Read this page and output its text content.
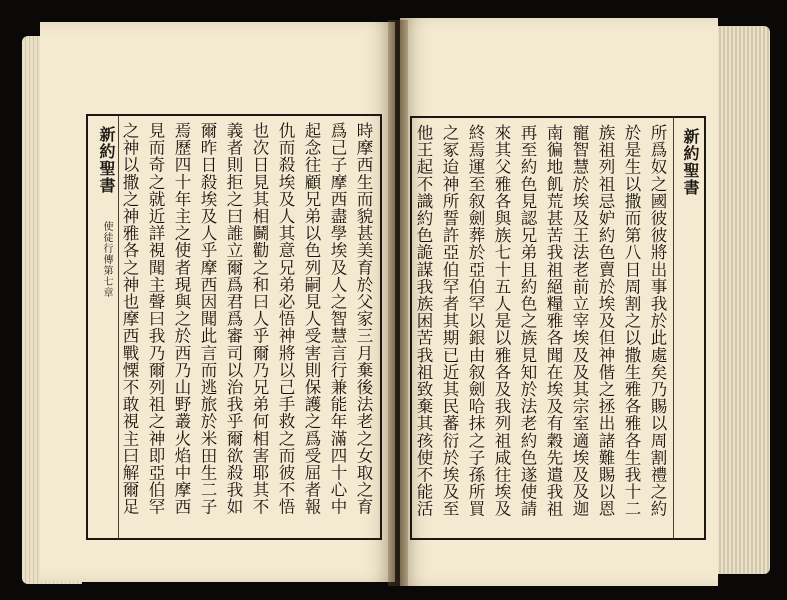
新約聖書 使徒行傳第七章	時摩西生而貌甚美育於父家三月棄後法老之女取之育
爲己子摩西盡學埃及人之智慧言行兼能年滿四十心中
起念往顧兄弟以色列嗣見人受害則保護之爲受屈者報
仇而殺埃及人其意兄弟必悟神將以己手救之而彼不悟
也次日見其相鬭勸之和曰人乎爾乃兄弟何相害耶其不
義者則拒之曰誰立爾爲君爲審司以治我乎爾欲殺我如
爾昨日殺埃及人乎摩西因聞此言而逃旅於米田生二子
焉歷四十年主之使者現與之於西乃山野叢火焰中摩西
見而奇之就近詳視聞主聲曰我乃爾列祖之神即亞伯罕
之神以撒之神雅各之神也摩西戰慄不敢視主曰解爾足	新約聖書
所爲奴之國彼彼將出事我於此處矣乃賜以周割禮之約
於是生以撒而第八日周割之以撒生雅各雅各生我十二
族祖列祖忌妒約色賣於埃及但神偕之拯出諸難賜以恩
寵智慧於埃及王法老前立宰埃及及其宗室適埃及及迦
南徧地飢荒甚苦我祖絕糧雅各聞在埃及有穀先遣我祖
再至約色見認兄弟且約色之族見知於法老約色遂使請
來其父雅各與族七十五人是以雅各及我列祖咸往埃及
終焉運至叙劍葬於亞伯罕以銀由叙劍哈抹之子孫所買
之冢迨神所誓許亞伯罕者其期已近其民蕃衍於埃及至
他王起不識約色詭謀我族困苦我祖致棄其孩使不能活
